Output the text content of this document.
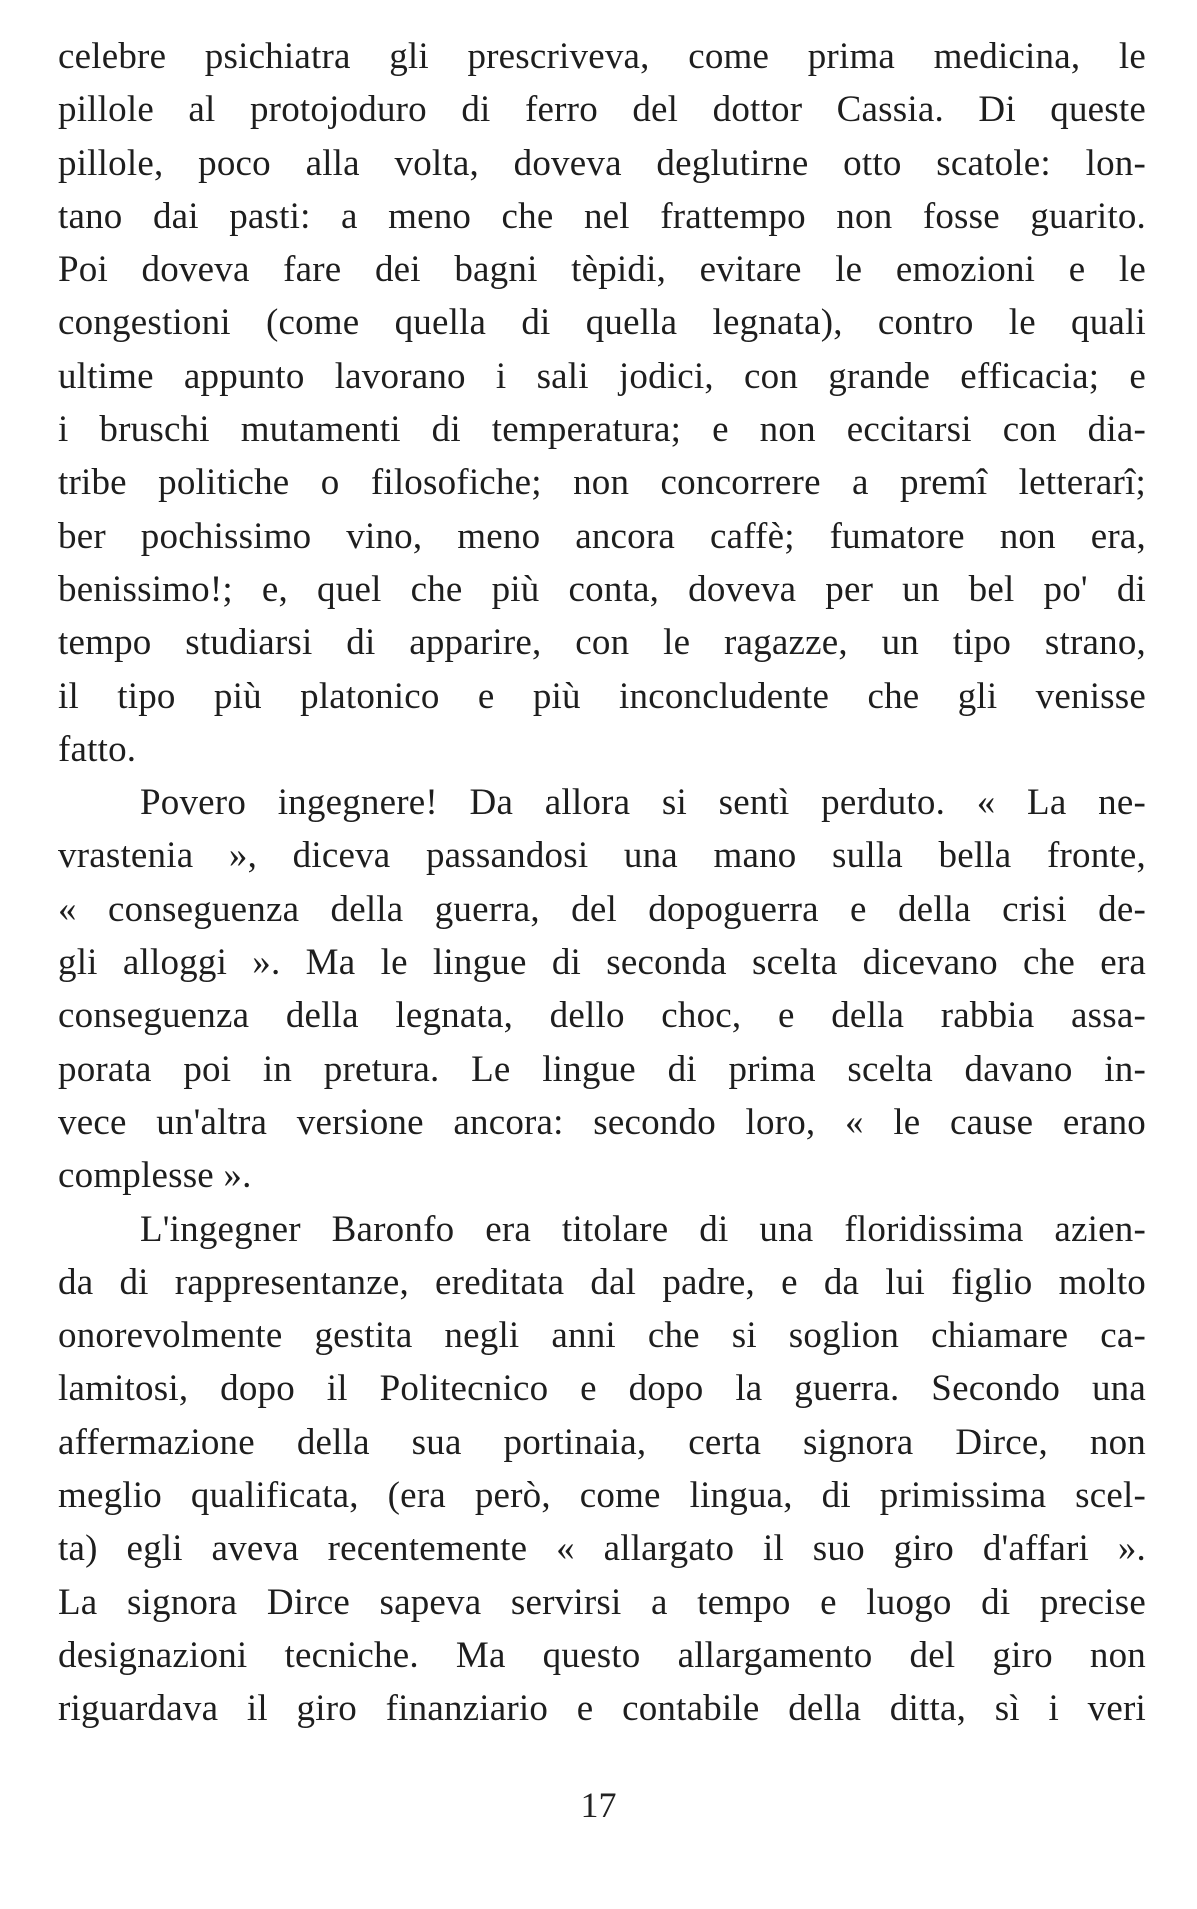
celebre psichiatra gli prescriveva, come prima medicina, le
pillole al protojoduro di ferro del dottor Cassia. Di queste
pillole, poco alla volta, doveva deglutirne otto scatole: lon-
tano dai pasti: a meno che nel frattempo non fosse guarito.
Poi doveva fare dei bagni tèpidi, evitare le emozioni e le
congestioni (come quella di quella legnata), contro le quali
ultime appunto lavorano i sali jodici, con grande efficacia; e
i bruschi mutamenti di temperatura; e non eccitarsi con dia-
tribe politiche o filosofiche; non concorrere a premî letterarî;
ber pochissimo vino, meno ancora caffè; fumatore non era,
benissimo!; e, quel che più conta, doveva per un bel po' di
tempo studiarsi di apparire, con le ragazze, un tipo strano,
il tipo più platonico e più inconcludente che gli venisse
fatto.
Povero ingegnere! Da allora si sentì perduto. « La ne-
vrastenia », diceva passandosi una mano sulla bella fronte,
« conseguenza della guerra, del dopoguerra e della crisi de-
gli alloggi ». Ma le lingue di seconda scelta dicevano che era
conseguenza della legnata, dello choc, e della rabbia assa-
porata poi in pretura. Le lingue di prima scelta davano in-
vece un'altra versione ancora: secondo loro, « le cause erano
complesse ».
L'ingegner Baronfo era titolare di una floridissima azien-
da di rappresentanze, ereditata dal padre, e da lui figlio molto
onorevolmente gestita negli anni che si soglion chiamare ca-
lamitosi, dopo il Politecnico e dopo la guerra. Secondo una
affermazione della sua portinaia, certa signora Dirce, non
meglio qualificata, (era però, come lingua, di primissima scel-
ta) egli aveva recentemente « allargato il suo giro d'affari ».
La signora Dirce sapeva servirsi a tempo e luogo di precise
designazioni tecniche. Ma questo allargamento del giro non
riguardava il giro finanziario e contabile della ditta, sì i veri
17
